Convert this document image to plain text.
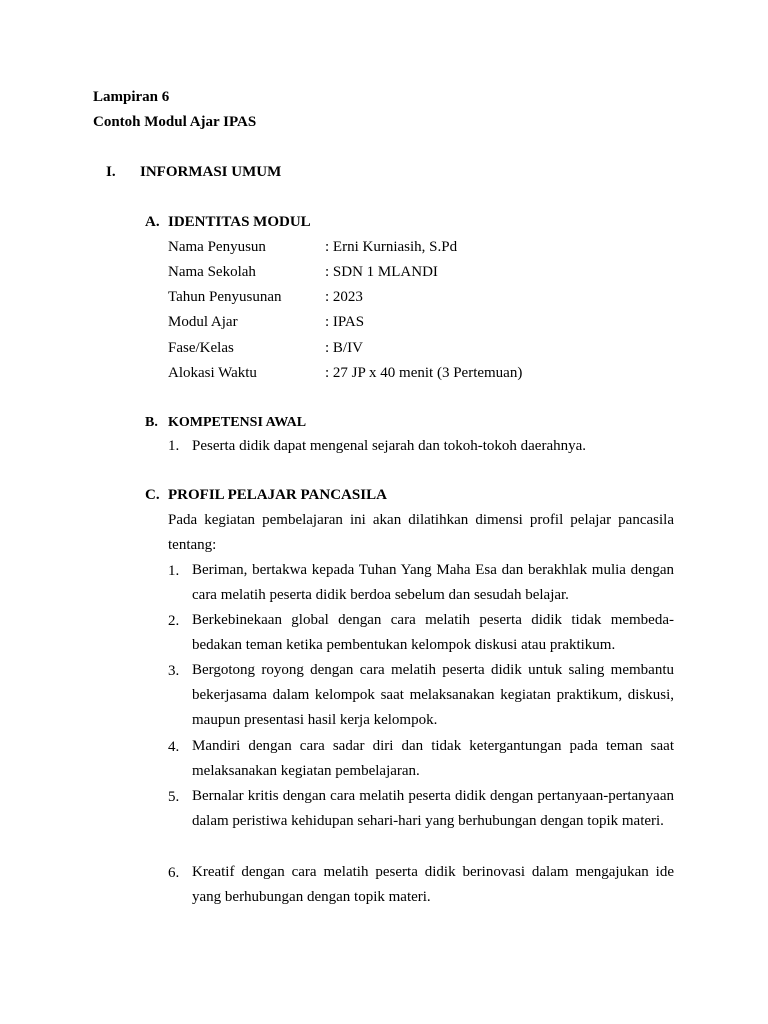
Lampiran 6
Contoh Modul Ajar IPAS
I. INFORMASI UMUM
A. IDENTITAS MODUL
Nama Penyusun	: Erni Kurniasih, S.Pd
Nama Sekolah	: SDN 1 MLANDI
Tahun Penyusunan	: 2023
Modul Ajar	: IPAS
Fase/Kelas	: B/IV
Alokasi Waktu	: 27 JP x 40 menit (3 Pertemuan)
B. KOMPETENSI AWAL
1. Peserta didik dapat mengenal sejarah dan tokoh-tokoh daerahnya.
C. PROFIL PELAJAR PANCASILA
Pada kegiatan pembelajaran ini akan dilatihkan dimensi profil pelajar pancasila tentang:
1. Beriman, bertakwa kepada Tuhan Yang Maha Esa dan berakhlak mulia dengan cara melatih peserta didik berdoa sebelum dan sesudah belajar.
2. Berkebinekaan global dengan cara melatih peserta didik tidak membeda-bedakan teman ketika pembentukan kelompok diskusi atau praktikum.
3. Bergotong royong dengan cara melatih peserta didik untuk saling membantu bekerjasama dalam kelompok saat melaksanakan kegiatan praktikum, diskusi, maupun presentasi hasil kerja kelompok.
4. Mandiri dengan cara sadar diri dan tidak ketergantungan pada teman saat melaksanakan kegiatan pembelajaran.
5. Bernalar kritis dengan cara melatih peserta didik dengan pertanyaan-pertanyaan dalam peristiwa kehidupan sehari-hari yang berhubungan dengan topik materi.
6. Kreatif dengan cara melatih peserta didik berinovasi dalam mengajukan ide yang berhubungan dengan topik materi.
